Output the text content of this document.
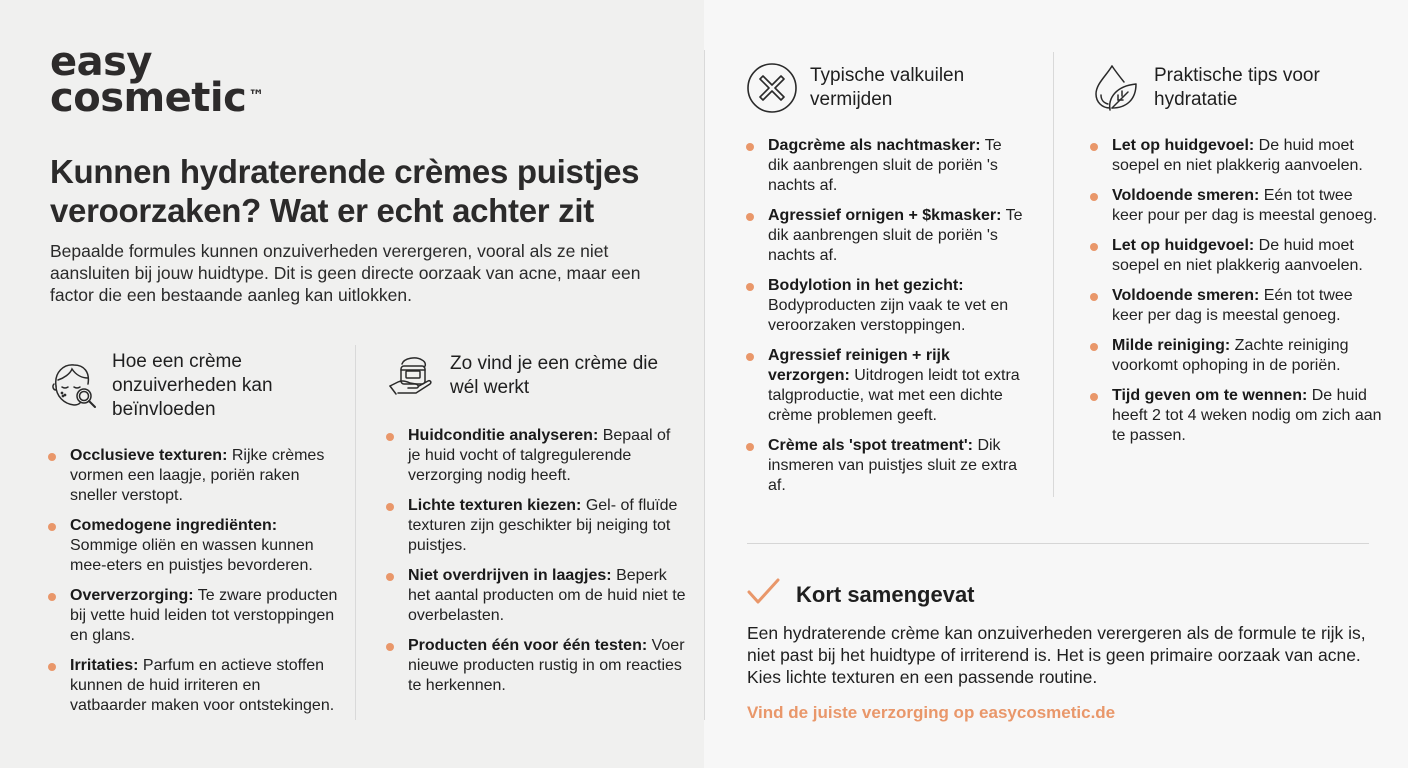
easy
cosmetic ™
Kunnen hydraterende crèmes puistjes veroorzaken? Wat er echt achter zit

Bepaalde formules kunnen onzuiverheden verergeren, vooral als ze niet aansluiten bij jouw huidtype. Dit is geen directe oorzaak van acne, maar een factor die een bestaande aanleg kan uitlokken.

Hoe een crème onzuiverheden kan beïnvloeden
Occlusieve texturen: Rijke crèmes vormen een laagje, poriën raken sneller verstopt.
Comedogene ingrediënten: Sommige oliën en wassen kunnen mee-eters en puistjes bevorderen.
Oververzorging: Te zware producten bij vette huid leiden tot verstoppingen en glans.
Irritaties: Parfum en actieve stoffen kunnen de huid irriteren en vatbaarder maken voor ontstekingen.
Zo vind je een crème die wél werkt
Huidconditie analyseren: Bepaal of je huid vocht of talgregulerende verzorging nodig heeft.
Lichte texturen kiezen: Gel- of fluïde texturen zijn geschikter bij neiging tot puistjes.
Niet overdrijven in laagjes: Beperk het aantal producten om de huid niet te overbelasten.
Producten één voor één testen: Voer nieuwe producten rustig in om reacties te herkennen.
Typische valkuilen vermijden
Dagcrème als nachtmasker: Te dik aanbrengen sluit de poriën 's nachts af.
Agressief ornigen + $kmasker: Te dik aanbrengen sluit de poriën 's nachts af.
Bodylotion in het gezicht: Bodyproducten zijn vaak te vet en veroorzaken verstoppingen.
Agressief reinigen + rijk verzorgen: Uitdrogen leidt tot extra talgproductie, wat met een dichte crème problemen geeft.
Crème als 'spot treatment': Dik insmeren van puistjes sluit ze extra af.
Praktische tips voor hydratatie
Let op huidgevoel: De huid moet soepel en niet plakkerig aanvoelen.
Voldoende smeren: Eén tot twee keer pour per dag is meestal genoeg.
Let op huidgevoel: De huid moet soepel en niet plakkerig aanvoelen.
Voldoende smeren: Eén tot twee keer per dag is meestal genoeg.
Milde reiniging: Zachte reiniging voorkomt ophoping in de poriën.
Tijd geven om te wennen: De huid heeft 2 tot 4 weken nodig om zich aan te passen.
Kort samengevat

Een hydraterende crème kan onzuiverheden verergeren als de formule te rijk is, niet past bij het huidtype of irriterend is. Het is geen primaire oorzaak van acne. Kies lichte texturen en een passende routine.

Vind de juiste verzorging op easycosmetic.de
